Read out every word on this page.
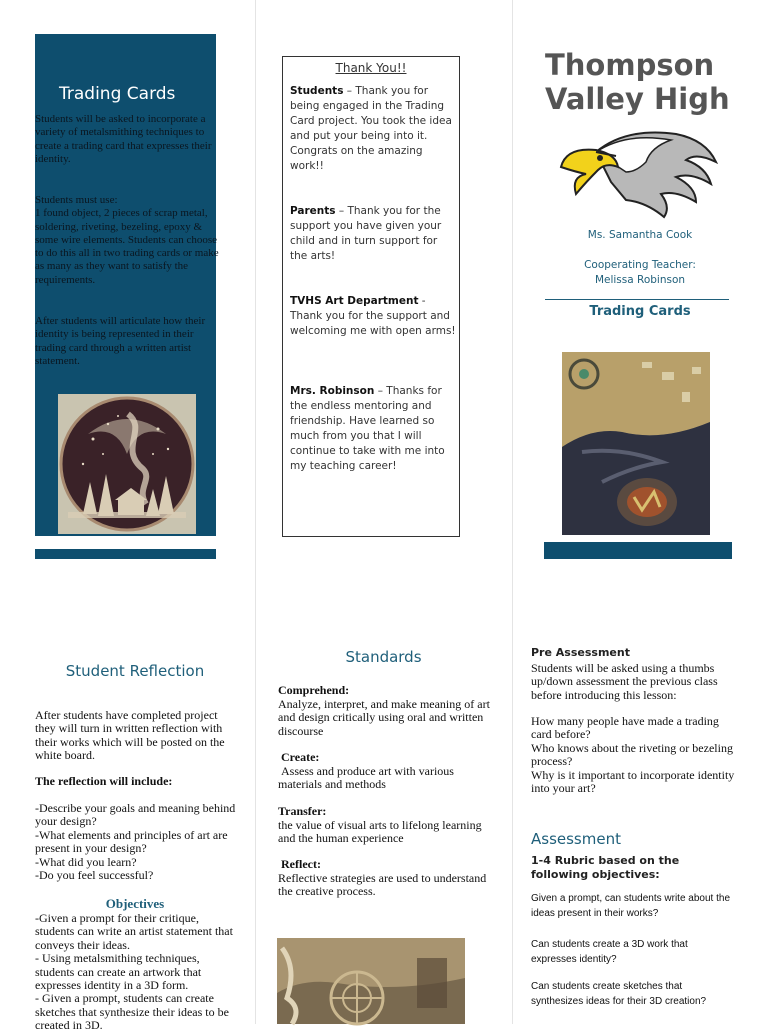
Trading Cards
Students will be asked to incorporate a variety of metalsmithing techniques to create a trading card that expresses their identity.
Students must use:
1 found object, 2 pieces of scrap metal, soldering, riveting, bezeling, epoxy & some wire elements. Students can choose to do this all in two trading cards or make as many as they want to satisfy the requirements.
After students will articulate how their identity is being represented in their trading card through a written artist statement.
Thank You!!
Students – Thank you for being engaged in the Trading Card project. You took the idea and put your being into it. Congrats on the amazing work!!
Parents – Thank you for the support you have given your child and in turn support for the arts!
TVHS Art Department - Thank you for the support and welcoming me with open arms!
Mrs. Robinson – Thanks for the endless mentoring and friendship. Have learned so much from you that I will continue to take with me into my teaching career!
Thompson
Valley High
Ms. Samantha Cook
Cooperating Teacher:
Melissa Robinson
Trading Cards
Student Reflection
After students have completed project they will turn in written reflection with their works which will be posted on the white board.
The reflection will include:
-Describe your goals and meaning behind your design?
-What elements and principles of art are present in your design?
-What did you learn?
-Do you feel successful?
Objectives
-Given a prompt for their critique, students can write an artist statement that conveys their ideas.
- Using metalsmithing techniques, students can create an artwork that expresses identity in a 3D form.
- Given a prompt, students can create sketches that synthesize their ideas to be created in 3D.
Standards
Comprehend:
Analyze, interpret, and make meaning of art and design critically using oral and written discourse
Create:
Assess and produce art with various materials and methods
Transfer:
the value of visual arts to lifelong learning and the human experience
Reflect:
Reflective strategies are used to understand the creative process.
Pre Assessment
Students will be asked using a thumbs up/down assessment the previous class before introducing this lesson:
How many people have made a trading card before?
Who knows about the riveting or bezeling process?
Why is it important to incorporate identity into your art?
Assessment
1-4 Rubric based on the following objectives:
Given a prompt, can students write about the ideas present in their works?
Can students create a 3D work that expresses identity?
Can students create sketches that synthesizes ideas for their 3D creation?
